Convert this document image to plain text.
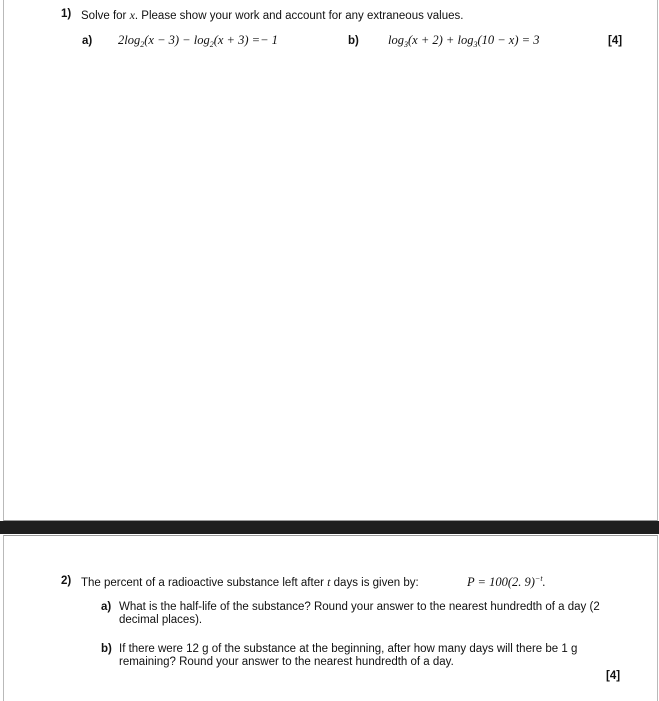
1) Solve for x. Please show your work and account for any extraneous values.
a) $2\log_2(x - 3) - \log_2(x + 3) =- 1$	b) $\log_3(x + 2) + \log_3(10 - x) = 3$	[4]
2) The percent of a radioactive substance left after t days is given by:	P = 100(2. 9)$^{-t}$.
a) What is the half-life of the substance? Round your answer to the nearest hundredth of a day (2 decimal places).
b) If there were 12 g of the substance at the beginning, after how many days will there be 1 g remaining? Round your answer to the nearest hundredth of a day.
[4]
